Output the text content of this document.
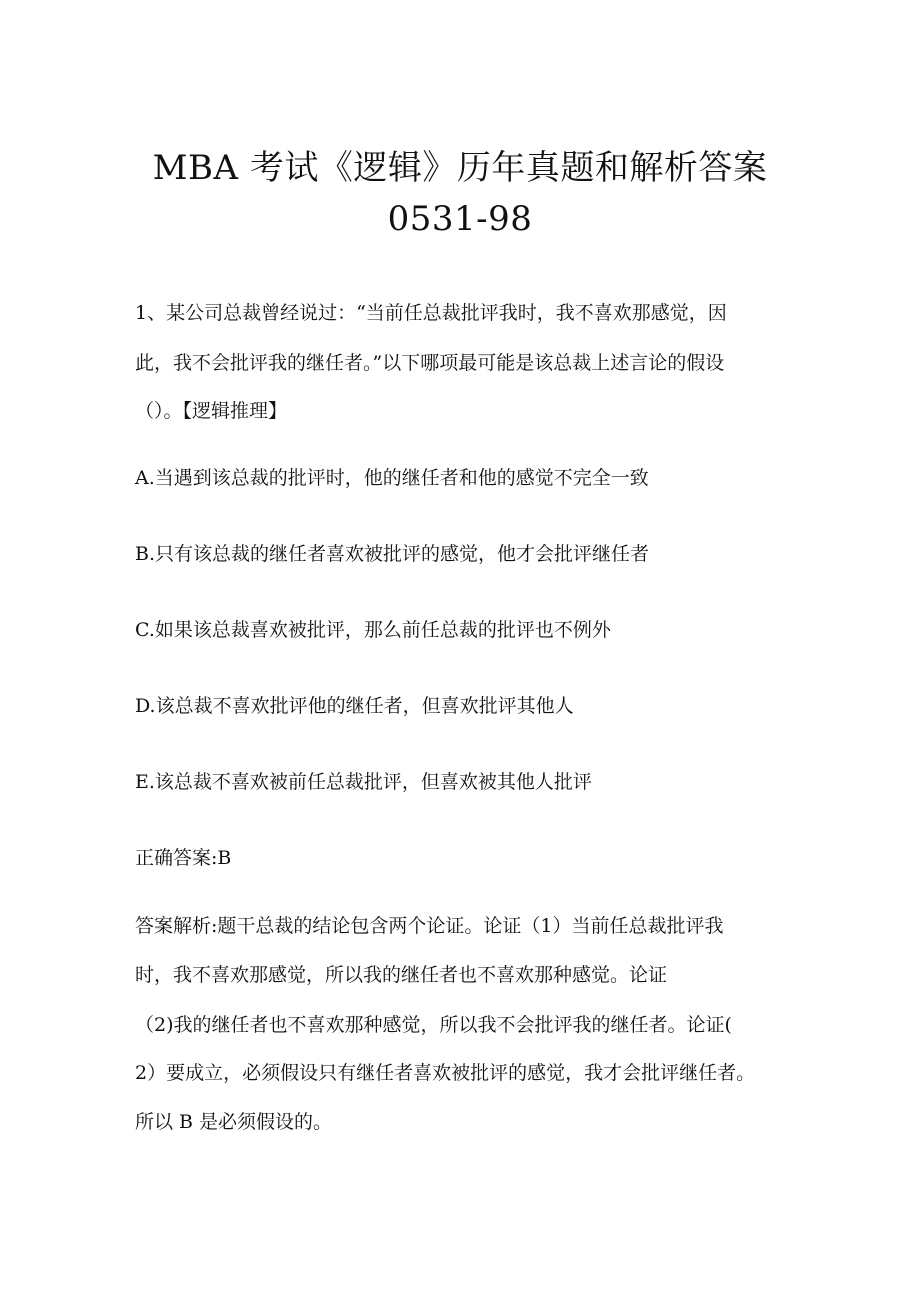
MBA 考试《逻辑》历年真题和解析答案
0531-98
1、某公司总裁曾经说过：“当前任总裁批评我时，我不喜欢那感觉，因
此，我不会批评我的继任者。”以下哪项最可能是该总裁上述言论的假设
（）。【逻辑推理】
A.当遇到该总裁的批评时，他的继任者和他的感觉不完全一致
B.只有该总裁的继任者喜欢被批评的感觉，他才会批评继任者
C.如果该总裁喜欢被批评，那么前任总裁的批评也不例外
D.该总裁不喜欢批评他的继任者，但喜欢批评其他人
E.该总裁不喜欢被前任总裁批评，但喜欢被其他人批评
正确答案:B
答案解析:题干总裁的结论包含两个论证。论证（1）当前任总裁批评我
时，我不喜欢那感觉，所以我的继任者也不喜欢那种感觉。论证
（2)我的继任者也不喜欢那种感觉，所以我不会批评我的继任者。论证(
2）要成立，必须假设只有继任者喜欢被批评的感觉，我才会批评继任者。
所以 B 是必须假设的。
